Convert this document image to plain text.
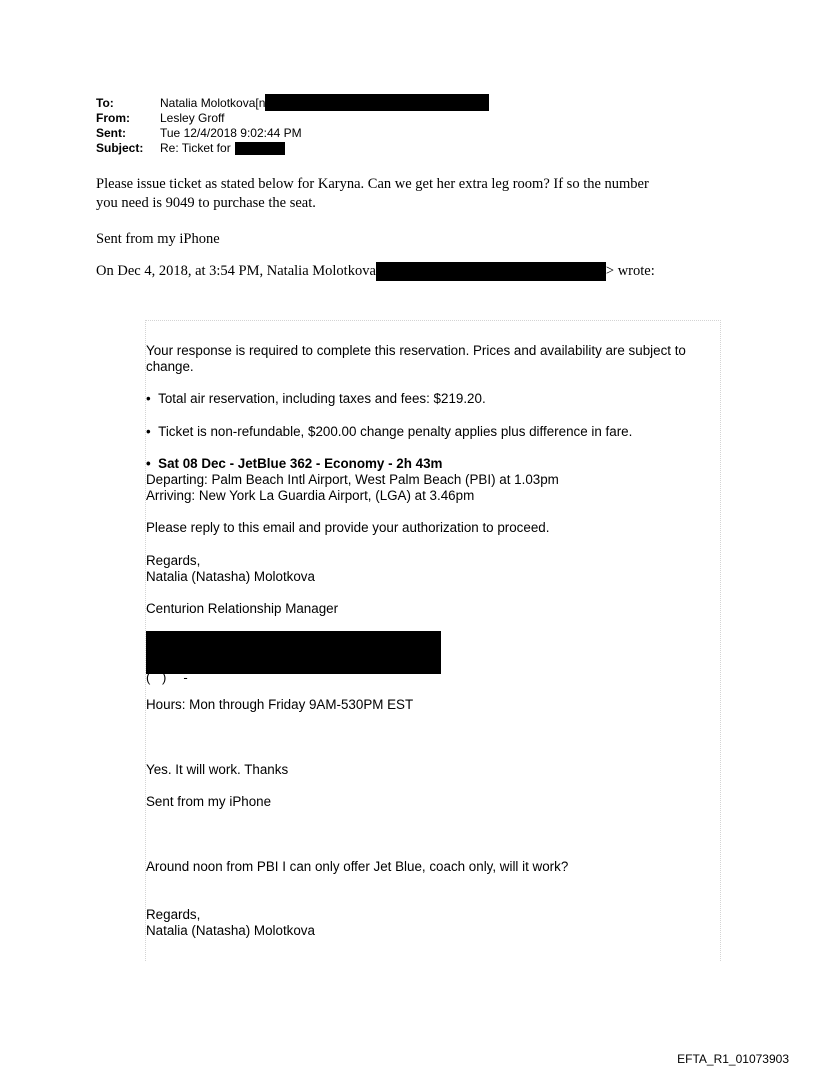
To:	Natalia Molotkova[n
From:	Lesley Groff
Sent:	Tue 12/4/2018 9:02:44 PM
Subject:	Re: Ticket for
Please issue ticket as stated below for Karyna. Can we get her extra leg room? If so the number
you need is 9049 to purchase the seat.
Sent from my iPhone
On Dec 4, 2018, at 3:54 PM, Natalia Molotkova	> wrote:
Your response is required to complete this reservation. Prices and availability are subject to
change.
•  Total air reservation, including taxes and fees: $219.20.
•  Ticket is non-refundable, $200.00 change penalty applies plus difference in fare.
•  Sat 08 Dec - JetBlue 362 - Economy - 2h 43m
Departing: Palm Beach Intl Airport, West Palm Beach (PBI) at 1.03pm
Arriving: New York La Guardia Airport, (LGA) at 3.46pm
Please reply to this email and provide your authorization to proceed.
Regards,
Natalia (Natasha) Molotkova
Centurion Relationship Manager
(  )   -   
Hours: Mon through Friday 9AM-530PM EST
Yes. It will work. Thanks
Sent from my iPhone
Around noon from PBI I can only offer Jet Blue, coach only, will it work?
Regards,
Natalia (Natasha) Molotkova
EFTA_R1_01073903
